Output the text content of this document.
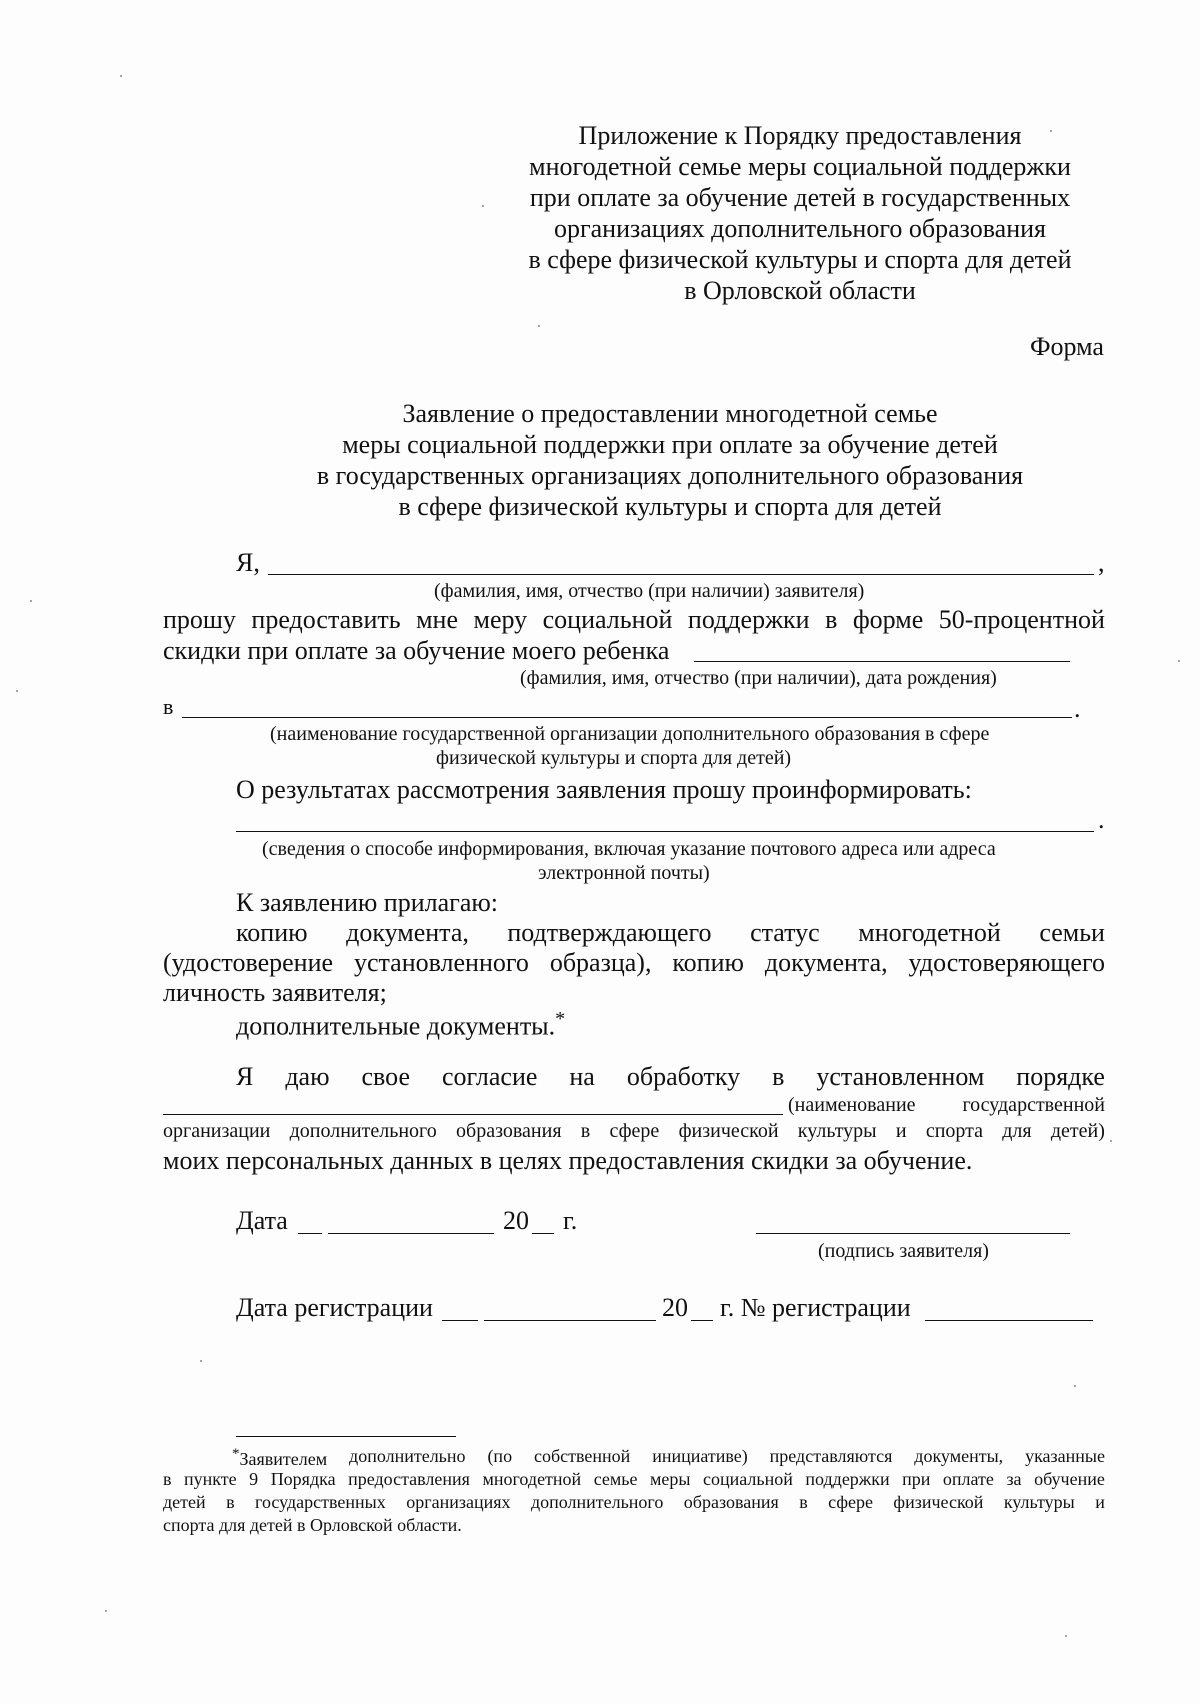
Приложение к Порядку предоставления
многодетной семье меры социальной поддержки
при оплате за обучение детей в государственных
организациях дополнительного образования
в сфере физической культуры и спорта для детей
в Орловской области
Форма
Заявление о предоставлении многодетной семье
меры социальной поддержки при оплате за обучение детей
в государственных организациях дополнительного образования
в сфере физической культуры и спорта для детей
Я,	,
(фамилия, имя, отчество (при наличии) заявителя)
прошу предоставить мне меру социальной поддержки в форме 50-процентной
скидки при оплате за обучение моего ребенка
(фамилия, имя, отчество (при наличии), дата рождения)
в	.
(наименование государственной организации дополнительного образования в сфере
физической культуры и спорта для детей)
О результатах рассмотрения заявления прошу проинформировать:
.
(сведения о способе информирования, включая указание почтового адреса или адреса
электронной почты)
К заявлению прилагаю:
копию документа, подтверждающего статус многодетной семьи
(удостоверение установленного образца), копию документа, удостоверяющего
личность заявителя;
дополнительные документы.*
Я даю свое согласие на обработку в установленном порядке
(наименование государственной
организации дополнительного образования в сфере физической культуры и спорта для детей)
моих персональных данных в целях предоставления скидки за обучение.
Дата	20 г.
(подпись заявителя)
Дата регистрации	20 г. № регистрации
*Заявителем дополнительно (по собственной инициативе) представляются документы, указанные
в пункте 9 Порядка предоставления многодетной семье меры социальной поддержки при оплате за обучение
детей в государственных организациях дополнительного образования в сфере физической культуры и
спорта для детей в Орловской области.
